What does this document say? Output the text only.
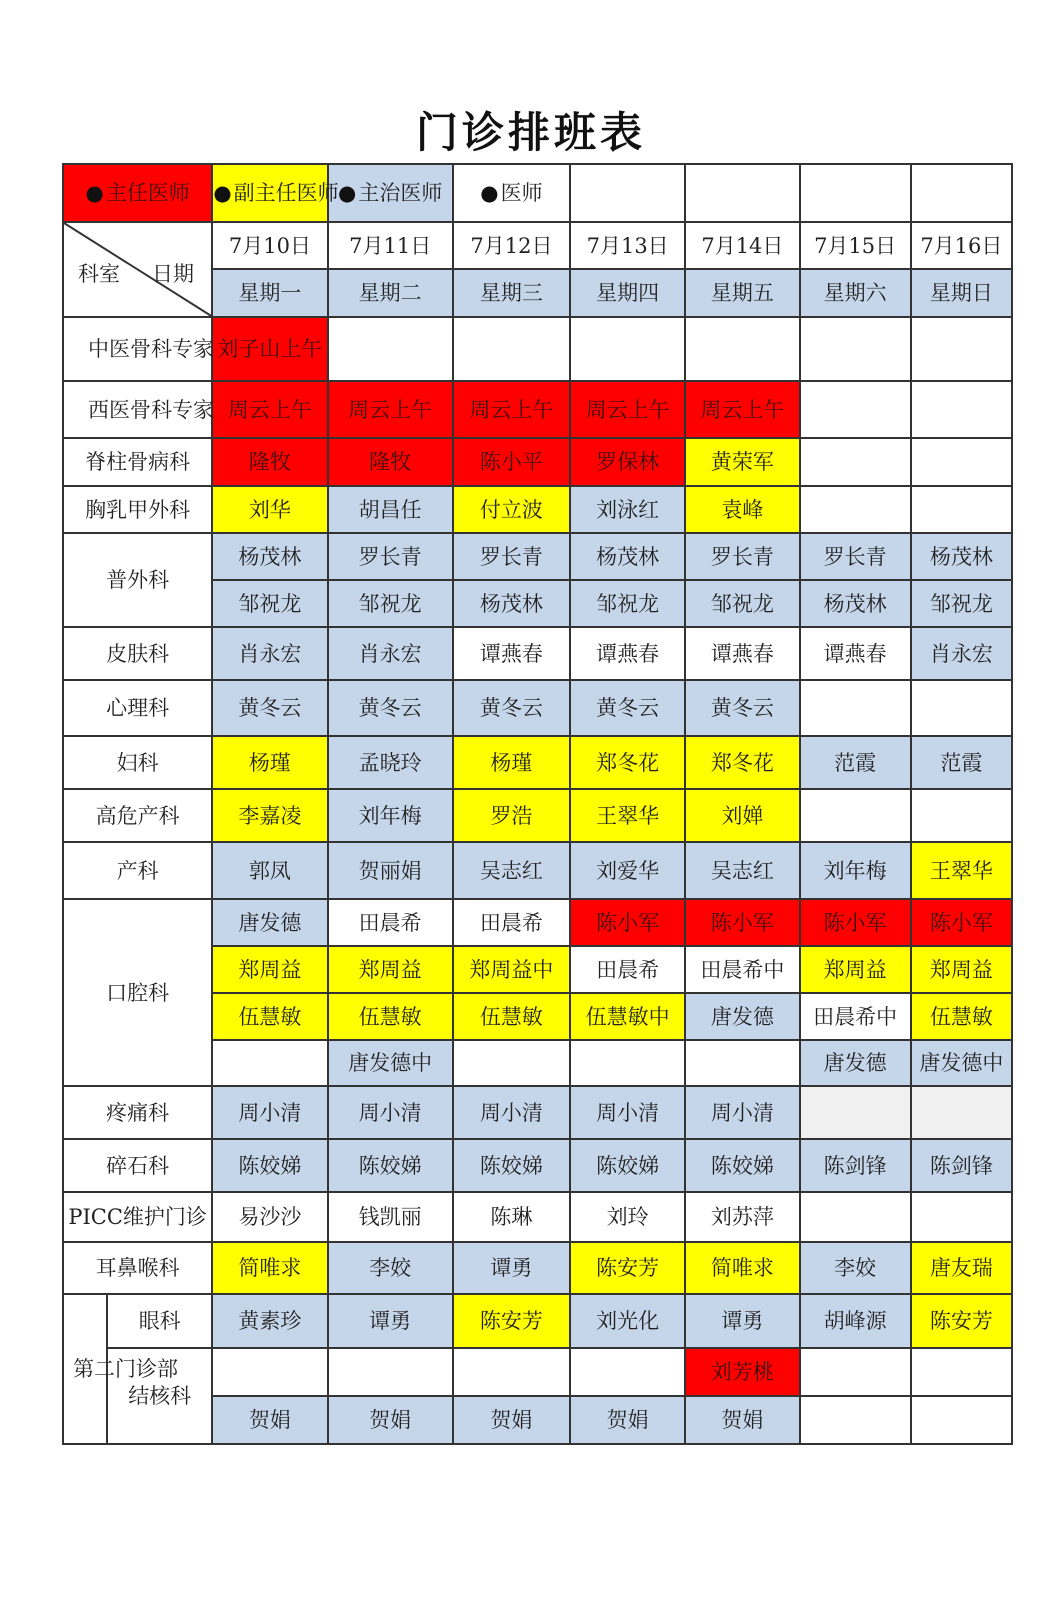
门诊排班表
● 主任医师	●副主任医师	●主治医师	●医师				

科室 日期		7月10日	7月11日	7月12日	7月13日	7月14日	7月15日	7月16日
		星期一	星期二	星期三	星期四	星期五	星期六	星期日
中医骨科专家		刘子山上午						
西医骨科专家		周云上午	周云上午	周云上午	周云上午	周云上午		
脊柱骨病科		隆牧	隆牧	陈小平	罗保林	黄荣军		
胸乳甲外科		刘华	胡昌任	付立波	刘泳红	袁峰		
普外科		杨茂林	罗长青	罗长青	杨茂林	罗长青	罗长青	杨茂林
		邹祝龙	邹祝龙	杨茂林	邹祝龙	邹祝龙	杨茂林	邹祝龙
皮肤科		肖永宏	肖永宏	谭燕春	谭燕春	谭燕春	谭燕春	肖永宏
心理科		黄冬云	黄冬云	黄冬云	黄冬云	黄冬云		
妇科		杨瑾	孟晓玲	杨瑾	郑冬花	郑冬花	范霞	范霞
高危产科		李嘉凌	刘年梅	罗浩	王翠华	刘婵		
产科		郭凤	贺丽娟	吴志红	刘爱华	吴志红	刘年梅	王翠华
口腔科		唐发德	田晨希	田晨希	陈小军	陈小军	陈小军	陈小军
		郑周益	郑周益	郑周益中	田晨希	田晨希中	郑周益	郑周益
		伍慧敏	伍慧敏	伍慧敏	伍慧敏中	唐发德	田晨希中	伍慧敏
			唐发德中				唐发德	唐发德中
疼痛科		周小清	周小清	周小清	周小清	周小清		
碎石科		陈姣娣	陈姣娣	陈姣娣	陈姣娣	陈姣娣	陈剑锋	陈剑锋
PICC维护门诊		易沙沙	钱凯丽	陈琳	刘玲	刘苏萍		
耳鼻喉科		简唯求	李姣	谭勇	陈安芳	简唯求	李姣	唐友瑞
第二门诊部	眼科	黄素珍	谭勇	陈安芳	刘光化	谭勇	胡峰源	陈安芳
	结核科					刘芳桃		
		贺娟	贺娟	贺娟	贺娟	贺娟		
